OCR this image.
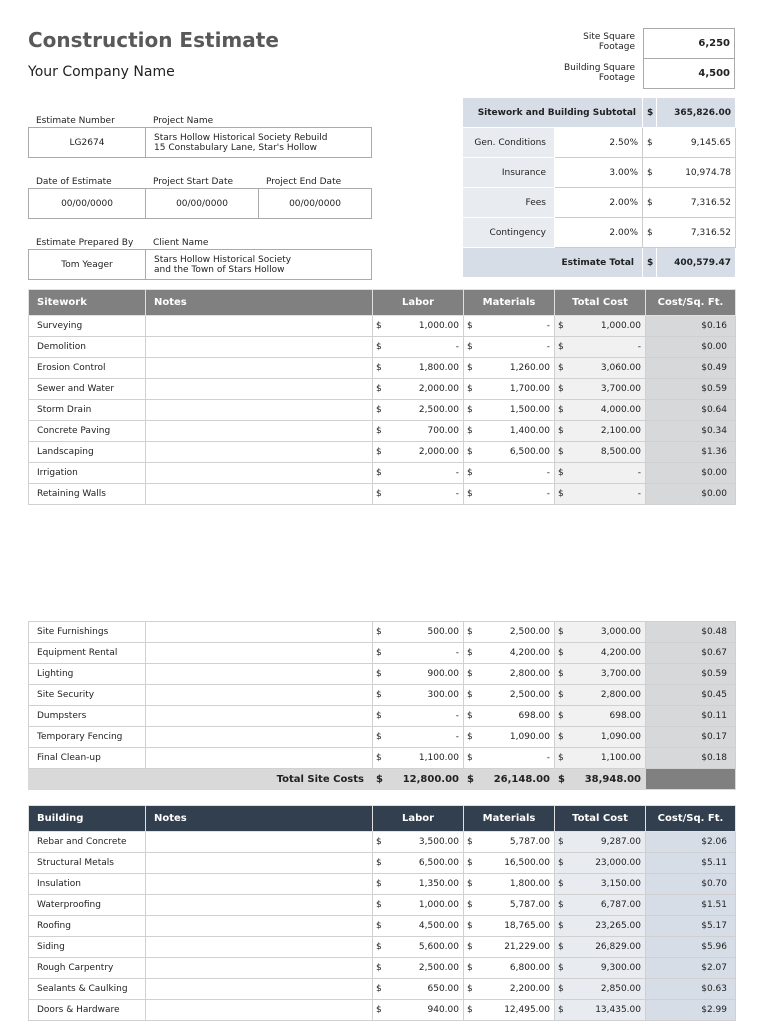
Construction Estimate
Your Company Name
Site Square Footage	6,250
Building Square Footage	4,500
Estimate Number	Project Name
LG2674	Stars Hollow Historical Society Rebuild
15 Constabulary Lane, Star's Hollow
Date of Estimate	Project Start Date	Project End Date
00/00/0000	00/00/0000	00/00/0000
Estimate Prepared By Client Name
Tom Yeager	Stars Hollow Historical Society
and the Town of Stars Hollow
Sitework and Building Subtotal		$	365,826.00
Gen. Conditions	2.50%	$	9,145.65
Insurance	3.00%	$	10,974.78
Fees	2.00%	$	7,316.52
Contingency	2.00%	$	7,316.52
Estimate Total		$	400,579.47
Sitework	Notes	Labor		Materials		Total Cost		Cost/Sq. Ft.
Surveying		$	1,000.00	$	-	$	1,000.00	$0.16
Demolition		$	-	$	-	$	-	$0.00
Erosion Control		$	1,800.00	$	1,260.00	$	3,060.00	$0.49
Sewer and Water		$	2,000.00	$	1,700.00	$	3,700.00	$0.59
Storm Drain		$	2,500.00	$	1,500.00	$	4,000.00	$0.64
Concrete Paving		$	700.00	$	1,400.00	$	2,100.00	$0.34
Landscaping		$	2,000.00	$	6,500.00	$	8,500.00	$1.36
Irrigation		$	-	$	-	$	-	$0.00
Retaining Walls		$	-	$	-	$	-	$0.00
Site Furnishings		$	500.00	$	2,500.00	$	3,000.00	$0.48
Equipment Rental		$	-	$	4,200.00	$	4,200.00	$0.67
Lighting		$	900.00	$	2,800.00	$	3,700.00	$0.59
Site Security		$	300.00	$	2,500.00	$	2,800.00	$0.45
Dumpsters		$	-	$	698.00	$	698.00	$0.11
Temporary Fencing		$	-	$	1,090.00	$	1,090.00	$0.17
Final Clean-up		$	1,100.00	$	-	$	1,100.00	$0.18
Total Site Costs		$	12,800.00	$	26,148.00	$	38,948.00	
Building	Notes	Labor		Materials		Total Cost		Cost/Sq. Ft.
Rebar and Concrete		$	3,500.00	$	5,787.00	$	9,287.00	$2.06
Structural Metals		$	6,500.00	$	16,500.00	$	23,000.00	$5.11
Insulation		$	1,350.00	$	1,800.00	$	3,150.00	$0.70
Waterproofing		$	1,000.00	$	5,787.00	$	6,787.00	$1.51
Roofing		$	4,500.00	$	18,765.00	$	23,265.00	$5.17
Siding		$	5,600.00	$	21,229.00	$	26,829.00	$5.96
Rough Carpentry		$	2,500.00	$	6,800.00	$	9,300.00	$2.07
Sealants & Caulking		$	650.00	$	2,200.00	$	2,850.00	$0.63
Doors & Hardware		$	940.00	$	12,495.00	$	13,435.00	$2.99
